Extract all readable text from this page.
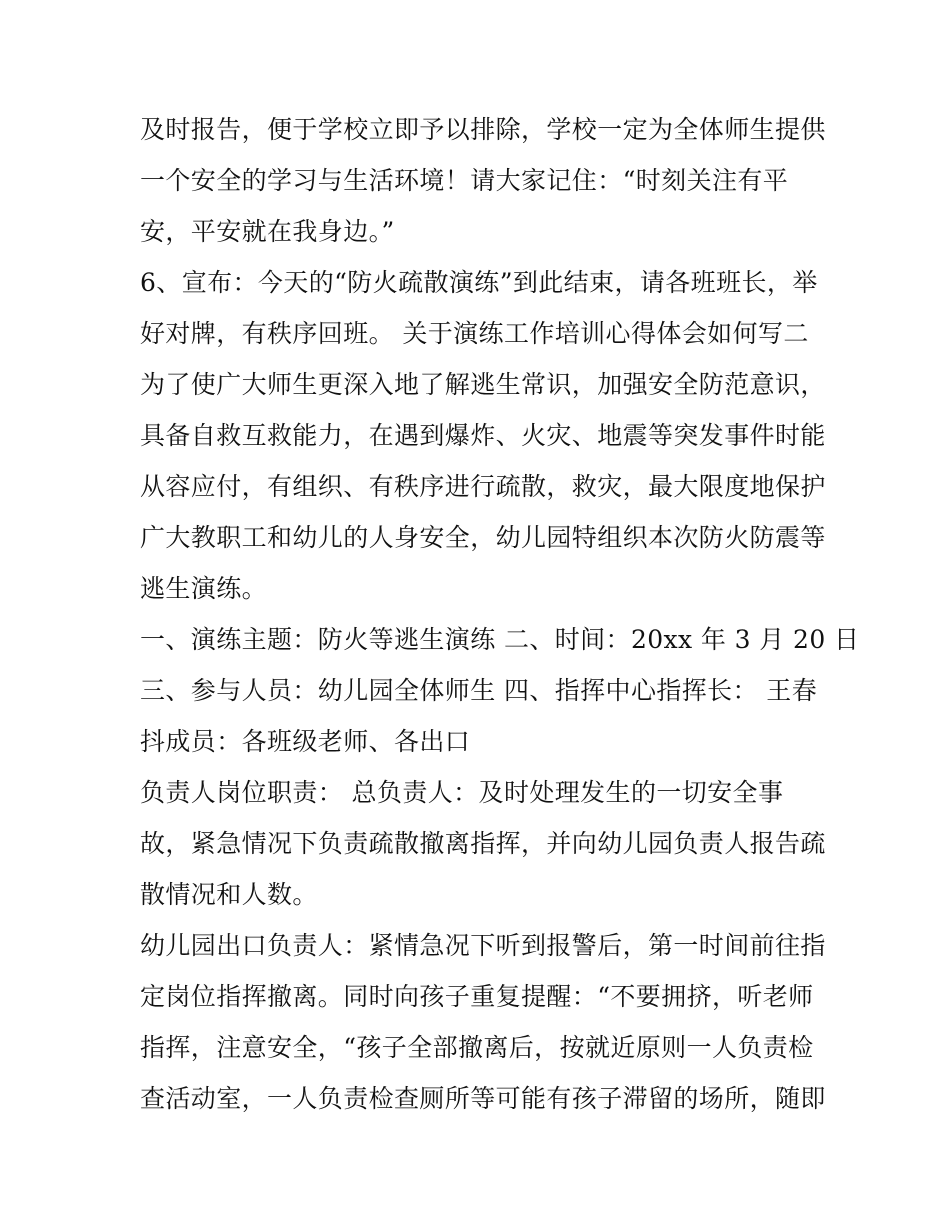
及时报告，便于学校立即予以排除，学校一定为全体师生提供
一个安全的学习与生活环境！请大家记住：“时刻关注有平
安，平安就在我身边。”
6、宣布：今天的“防火疏散演练”到此结束，请各班班长，举
好对牌，有秩序回班。 关于演练工作培训心得体会如何写二
为了使广大师生更深入地了解逃生常识，加强安全防范意识，
具备自救互救能力，在遇到爆炸、火灾、地震等突发事件时能
从容应付，有组织、有秩序进行疏散，救灾，最大限度地保护
广大教职工和幼儿的人身安全，幼儿园特组织本次防火防震等
逃生演练。
一、演练主题：防火等逃生演练 二、时间：20xx 年 3 月 20 日
三、参与人员：幼儿园全体师生 四、指挥中心指挥长： 王春
抖成员：各班级老师、各出口
负责人岗位职责： 总负责人：及时处理发生的一切安全事
故，紧急情况下负责疏散撤离指挥，并向幼儿园负责人报告疏
散情况和人数。
幼儿园出口负责人：紧情急况下听到报警后，第一时间前往指
定岗位指挥撤离。同时向孩子重复提醒：“不要拥挤，听老师
指挥，注意安全，“孩子全部撤离后，按就近原则一人负责检
查活动室，一人负责检查厕所等可能有孩子滞留的场所，随即
